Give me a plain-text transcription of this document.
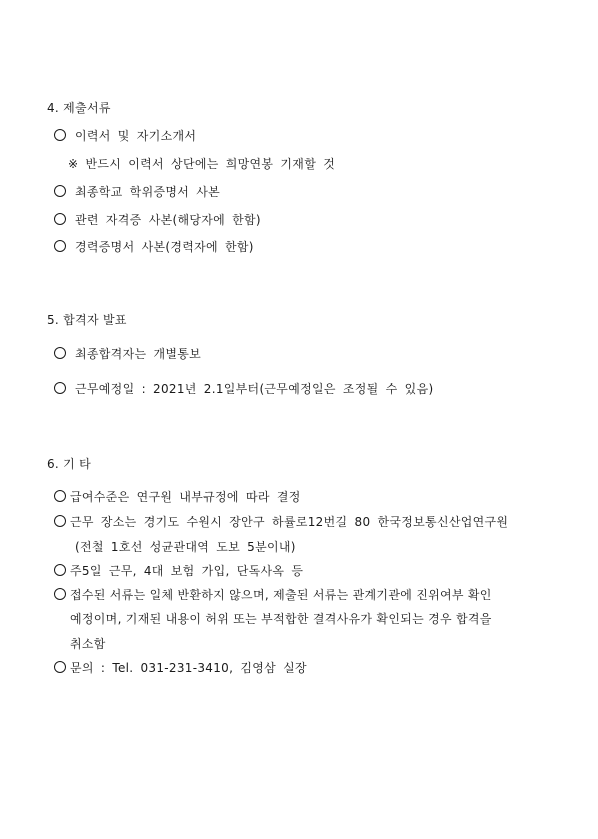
4. 제출서류
이력서 및 자기소개서
※ 반드시 이력서 상단에는 희망연봉 기재할 것
최종학교 학위증명서 사본
관련 자격증 사본(해당자에 한함)
경력증명서 사본(경력자에 한함)
5. 합격자 발표
최종합격자는 개별통보
근무예정일 : 2021년 2.1일부터(근무예정일은 조정될 수 있음)
6. 기 타
급여수준은 연구원 내부규정에 따라 결정
근무 장소는 경기도 수원시 장안구 하률로12번길 80 한국정보통신산업연구원
(전철 1호선 성균관대역 도보 5분이내)
주5일 근무, 4대 보험 가입, 단독사옥 등
접수된 서류는 일체 반환하지 않으며, 제출된 서류는 관계기관에 진위여부 확인
예정이며, 기재된 내용이 허위 또는 부적합한 결격사유가 확인되는 경우 합격을
취소함
문의 : Tel. 031-231-3410, 김영삼 실장
